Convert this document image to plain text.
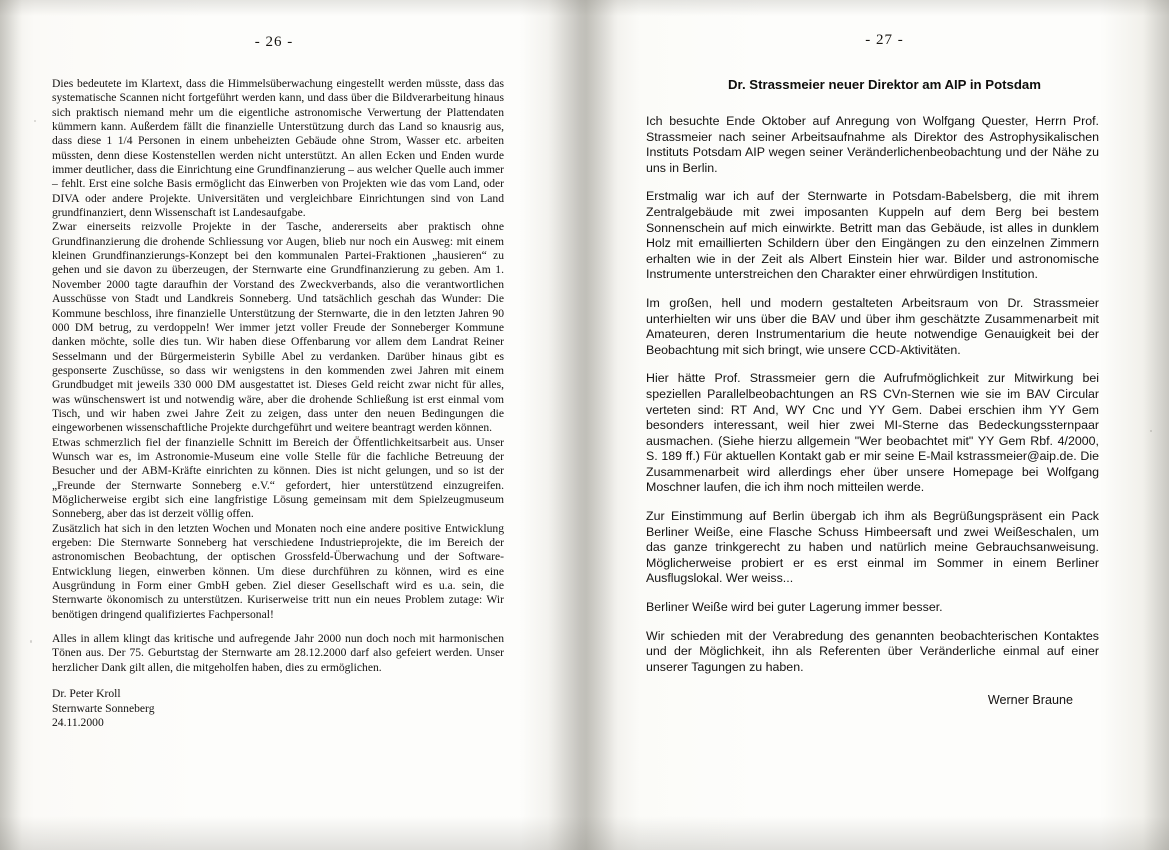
- 26 -

Dies bedeutete im Klartext, dass die Himmelsüberwachung eingestellt werden müsste, dass das systematische Scannen nicht fortgeführt werden kann, und dass über die Bildverarbeitung hinaus sich praktisch niemand mehr um die eigentliche astronomische Verwertung der Plattendaten kümmern kann. Außerdem fällt die finanzielle Unterstützung durch das Land so knausrig aus, dass diese 1 1/4 Personen in einem unbeheizten Gebäude ohne Strom, Wasser etc. arbeiten müssten, denn diese Kostenstellen werden nicht unterstützt. An allen Ecken und Enden wurde immer deutlicher, dass die Einrichtung eine Grundfinanzierung – aus welcher Quelle auch immer – fehlt. Erst eine solche Basis ermöglicht das Einwerben von Projekten wie das vom Land, oder DIVA oder andere Projekte. Universitäten und vergleichbare Einrichtungen sind von Land grundfinanziert, denn Wissenschaft ist Landesaufgabe.

Zwar einerseits reizvolle Projekte in der Tasche, andererseits aber praktisch ohne Grundfinanzierung die drohende Schliessung vor Augen, blieb nur noch ein Ausweg: mit einem kleinen Grundfinanzierungs-Konzept bei den kommunalen Partei-Fraktionen „hausieren“ zu gehen und sie davon zu überzeugen, der Sternwarte eine Grundfinanzierung zu geben. Am 1. November 2000 tagte daraufhin der Vorstand des Zweckverbands, also die verantwortlichen Ausschüsse von Stadt und Landkreis Sonneberg. Und tatsächlich geschah das Wunder: Die Kommune beschloss, ihre finanzielle Unterstützung der Sternwarte, die in den letzten Jahren 90 000 DM betrug, zu verdoppeln! Wer immer jetzt voller Freude der Sonneberger Kommune danken möchte, solle dies tun. Wir haben diese Offenbarung vor allem dem Landrat Reiner Sesselmann und der Bürgermeisterin Sybille Abel zu verdanken. Darüber hinaus gibt es gesponserte Zuschüsse, so dass wir wenigstens in den kommenden zwei Jahren mit einem Grundbudget mit jeweils 330 000 DM ausgestattet ist. Dieses Geld reicht zwar nicht für alles, was wünschenswert ist und notwendig wäre, aber die drohende Schließung ist erst einmal vom Tisch, und wir haben zwei Jahre Zeit zu zeigen, dass unter den neuen Bedingungen die eingeworbenen wissenschaftliche Projekte durchgeführt und weitere beantragt werden können.

Etwas schmerzlich fiel der finanzielle Schnitt im Bereich der Öffentlichkeitsarbeit aus. Unser Wunsch war es, im Astronomie-Museum eine volle Stelle für die fachliche Betreuung der Besucher und der ABM-Kräfte einrichten zu können. Dies ist nicht gelungen, und so ist der „Freunde der Sternwarte Sonneberg e.V.“ gefordert, hier unterstützend einzugreifen. Möglicherweise ergibt sich eine langfristige Lösung gemeinsam mit dem Spielzeugmuseum Sonneberg, aber das ist derzeit völlig offen.

Zusätzlich hat sich in den letzten Wochen und Monaten noch eine andere positive Entwicklung ergeben: Die Sternwarte Sonneberg hat verschiedene Industrieprojekte, die im Bereich der astronomischen Beobachtung, der optischen Grossfeld-Überwachung und der Software-Entwicklung liegen, einwerben können. Um diese durchführen zu können, wird es eine Ausgründung in Form einer GmbH geben. Ziel dieser Gesellschaft wird es u.a. sein, die Sternwarte ökonomisch zu unterstützen. Kuriserweise tritt nun ein neues Problem zutage: Wir benötigen dringend qualifiziertes Fachpersonal!

Alles in allem klingt das kritische und aufregende Jahr 2000 nun doch noch mit harmonischen Tönen aus. Der 75. Geburtstag der Sternwarte am 28.12.2000 darf also gefeiert werden. Unser herzlicher Dank gilt allen, die mitgeholfen haben, dies zu ermöglichen.

Dr. Peter Kroll
Sternwarte Sonneberg
24.11.2000
- 27 -
Dr. Strassmeier neuer Direktor am AIP in Potsdam

Ich besuchte Ende Oktober auf Anregung von Wolfgang Quester, Herrn Prof. Strassmeier nach seiner Arbeitsaufnahme als Direktor des Astrophysikalischen Instituts Potsdam AIP wegen seiner Veränderlichenbeobachtung und der Nähe zu uns in Berlin.

Erstmalig war ich auf der Sternwarte in Potsdam-Babelsberg, die mit ihrem Zentralgebäude mit zwei imposanten Kuppeln auf dem Berg bei bestem Sonnenschein auf mich einwirkte. Betritt man das Gebäude, ist alles in dunklem Holz mit emaillierten Schildern über den Eingängen zu den einzelnen Zimmern erhalten wie in der Zeit als Albert Einstein hier war. Bilder und astronomische Instrumente unterstreichen den Charakter einer ehrwürdigen Institution.

Im großen, hell und modern gestalteten Arbeitsraum von Dr. Strassmeier unterhielten wir uns über die BAV und über ihm geschätzte Zusammenarbeit mit Amateuren, deren Instrumentarium die heute notwendige Genauigkeit bei der Beobachtung mit sich bringt, wie unsere CCD-Aktivitäten.

Hier hätte Prof. Strassmeier gern die Aufrufmöglichkeit zur Mitwirkung bei speziellen Parallelbeobachtungen an RS CVn-Sternen wie sie im BAV Circular verteten sind: RT And, WY Cnc und YY Gem. Dabei erschien ihm YY Gem besonders interessant, weil hier zwei MI-Sterne das Bedeckungssternpaar ausmachen. (Siehe hierzu allgemein "Wer beobachtet mit" YY Gem Rbf. 4/2000, S. 189 ff.) Für aktuellen Kontakt gab er mir seine E-Mail kstrassmeier@aip.de. Die Zusammenarbeit wird allerdings eher über unsere Homepage bei Wolfgang Moschner laufen, die ich ihm noch mitteilen werde.

Zur Einstimmung auf Berlin übergab ich ihm als Begrüßungspräsent ein Pack Berliner Weiße, eine Flasche Schuss Himbeersaft und zwei Weißeschalen, um das ganze trinkgerecht zu haben und natürlich meine Gebrauchsanweisung. Möglicherweise probiert er es erst einmal im Sommer in einem Berliner Ausflugslokal. Wer weiss...

Berliner Weiße wird bei guter Lagerung immer besser.

Wir schieden mit der Verabredung des genannten beobachterischen Kontaktes und der Möglichkeit, ihn als Referenten über Veränderliche einmal auf einer unserer Tagungen zu haben.

Werner Braune
